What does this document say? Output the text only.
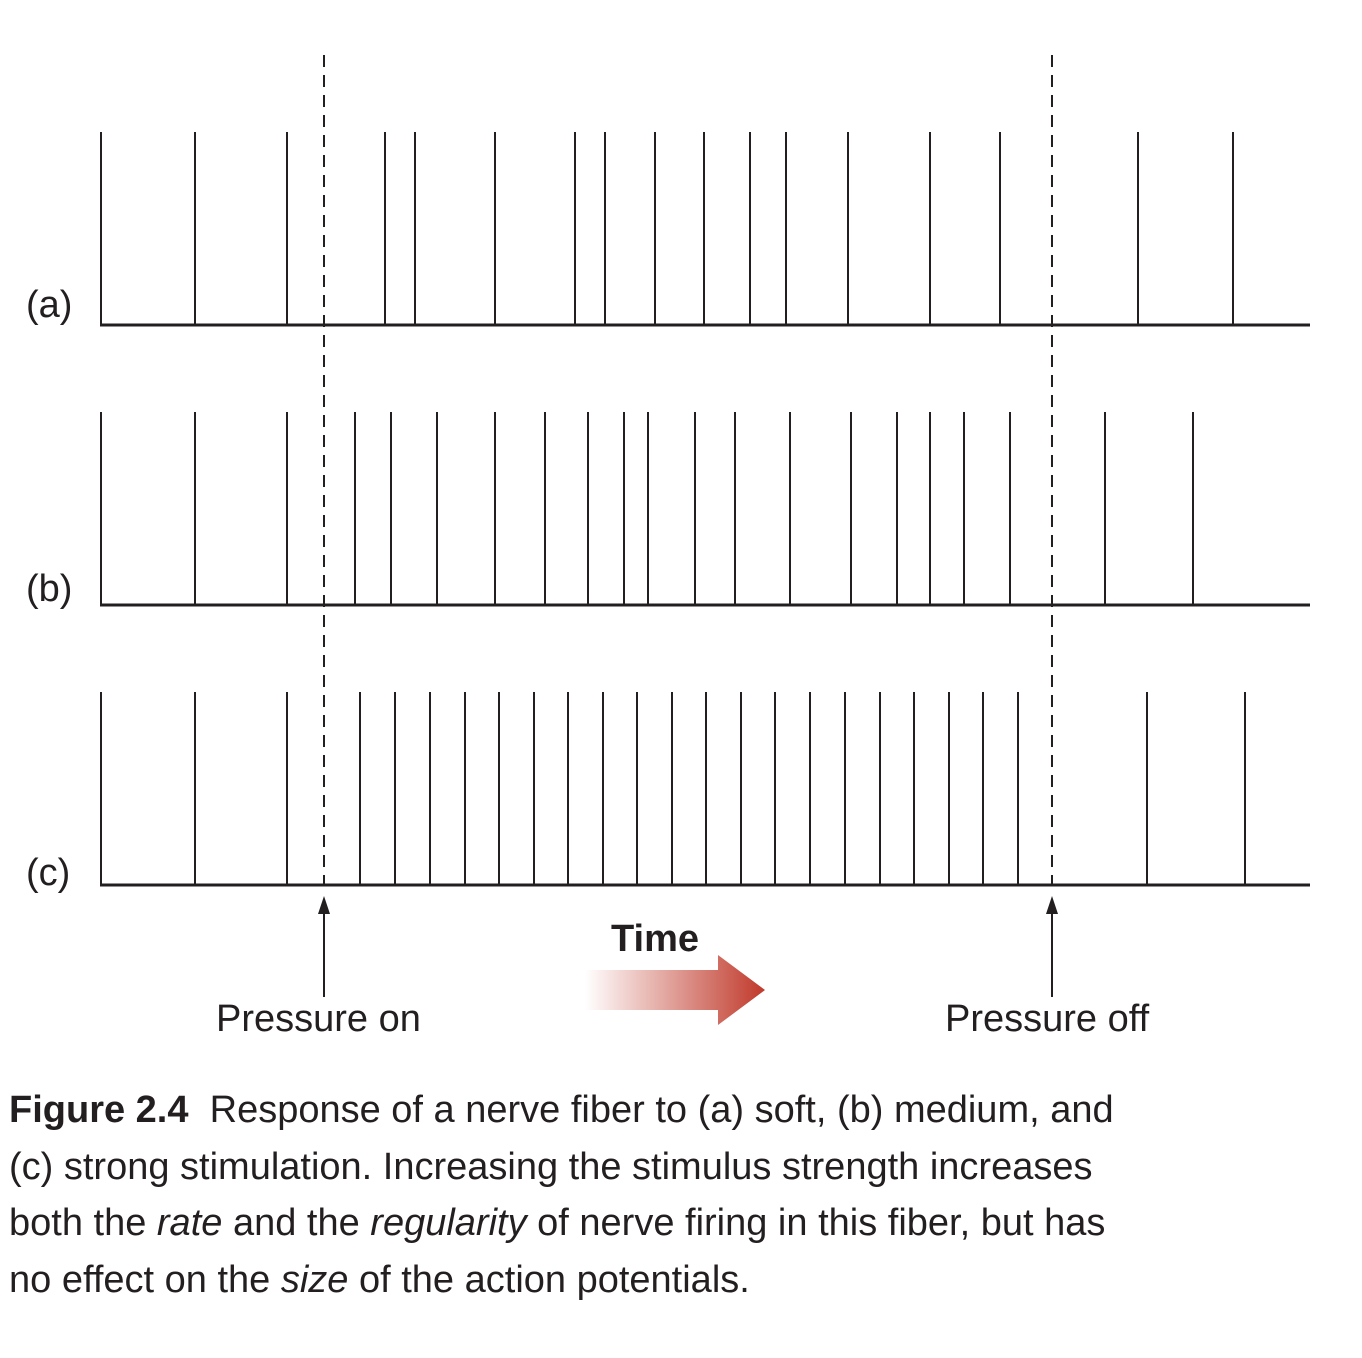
(a)
(b)
(c)
Pressure on	Pressure off
Time
Figure 2.4 Response of a nerve fiber to (a) soft, (b) medium, and
(c) strong stimulation. Increasing the stimulus strength increases
both the rate and the regularity of nerve firing in this fiber, but has
no effect on the size of the action potentials.
